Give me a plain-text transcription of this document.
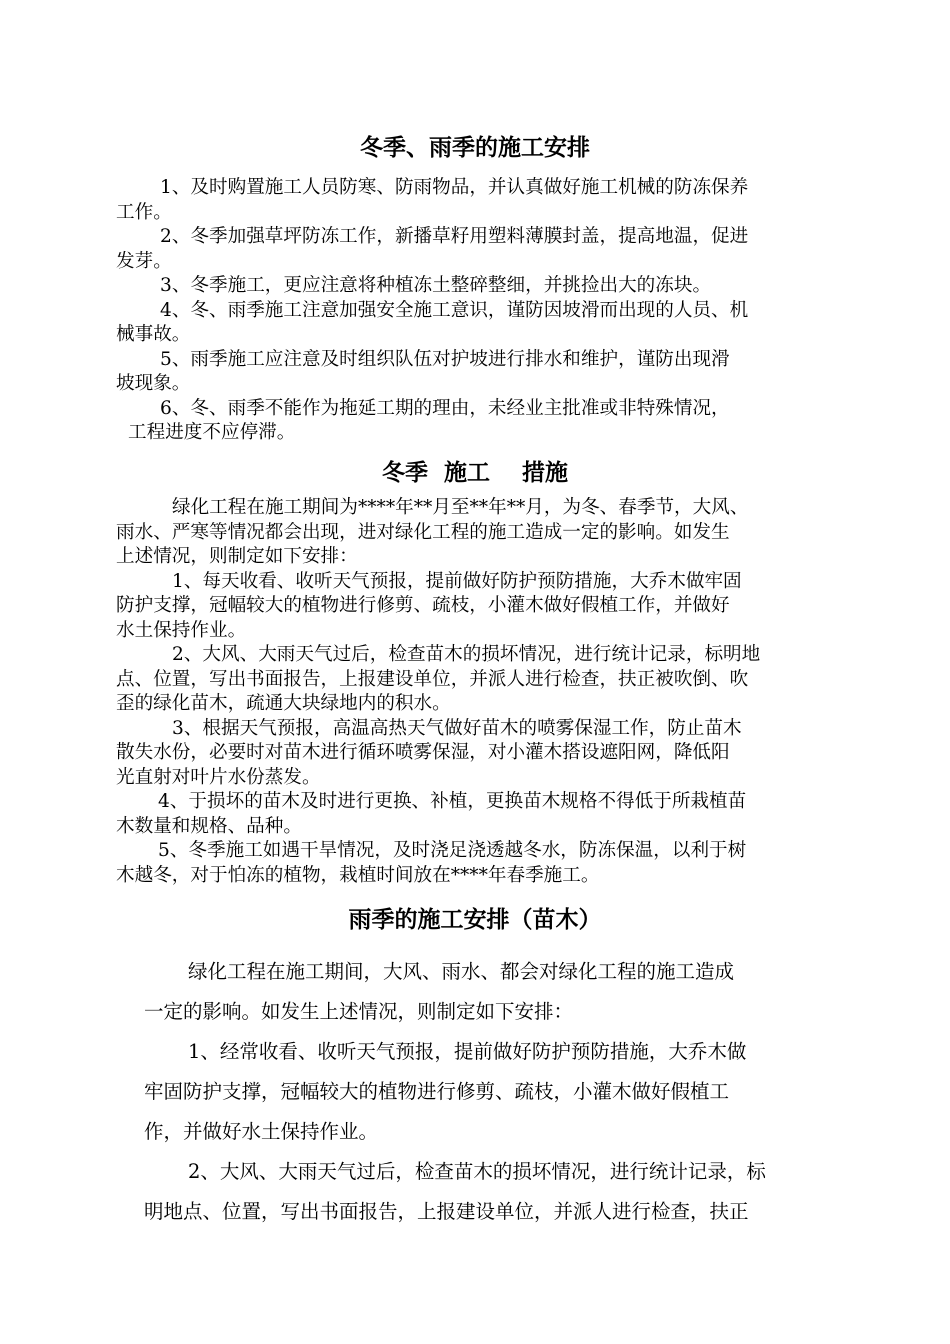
冬季、雨季的施工安排
1、及时购置施工人员防寒、防雨物品，并认真做好施工机械的防冻保养
工作。
2、冬季加强草坪防冻工作，新播草籽用塑料薄膜封盖，提高地温，促进
发芽。
3、冬季施工，更应注意将种植冻土整碎整细，并挑捡出大的冻块。
4、冬、雨季施工注意加强安全施工意识，谨防因坡滑而出现的人员、机
械事故。
5、雨季施工应注意及时组织队伍对护坡进行排水和维护，谨防出现滑
坡现象。
6、冬、雨季不能作为拖延工期的理由，未经业主批准或非特殊情况，
工程进度不应停滞。
冬季  施工    措施
绿化工程在施工期间为****年**月至**年**月，为冬、春季节，大风、
雨水、严寒等情况都会出现，进对绿化工程的施工造成一定的影响。如发生
上述情况，则制定如下安排：
1、每天收看、收听天气预报，提前做好防护预防措施，大乔木做牢固
防护支撑，冠幅较大的植物进行修剪、疏枝，小灌木做好假植工作，并做好
水土保持作业。
2、大风、大雨天气过后，检查苗木的损坏情况，进行统计记录，标明地
点、位置，写出书面报告，上报建设单位，并派人进行检查，扶正被吹倒、吹
歪的绿化苗木，疏通大块绿地内的积水。
3、根据天气预报，高温高热天气做好苗木的喷雾保湿工作，防止苗木
散失水份，必要时对苗木进行循环喷雾保湿，对小灌木搭设遮阳网，降低阳
光直射对叶片水份蒸发。
4、于损坏的苗木及时进行更换、补植，更换苗木规格不得低于所栽植苗
木数量和规格、品种。
5、冬季施工如遇干旱情况，及时浇足浇透越冬水，防冻保温，以利于树
木越冬，对于怕冻的植物，栽植时间放在****年春季施工。
雨季的施工安排（苗木）
绿化工程在施工期间，大风、雨水、都会对绿化工程的施工造成
一定的影响。如发生上述情况，则制定如下安排：
1、经常收看、收听天气预报，提前做好防护预防措施，大乔木做
牢固防护支撑，冠幅较大的植物进行修剪、疏枝，小灌木做好假植工
作，并做好水土保持作业。
2、大风、大雨天气过后，检查苗木的损坏情况，进行统计记录，标
明地点、位置，写出书面报告，上报建设单位，并派人进行检查，扶正
